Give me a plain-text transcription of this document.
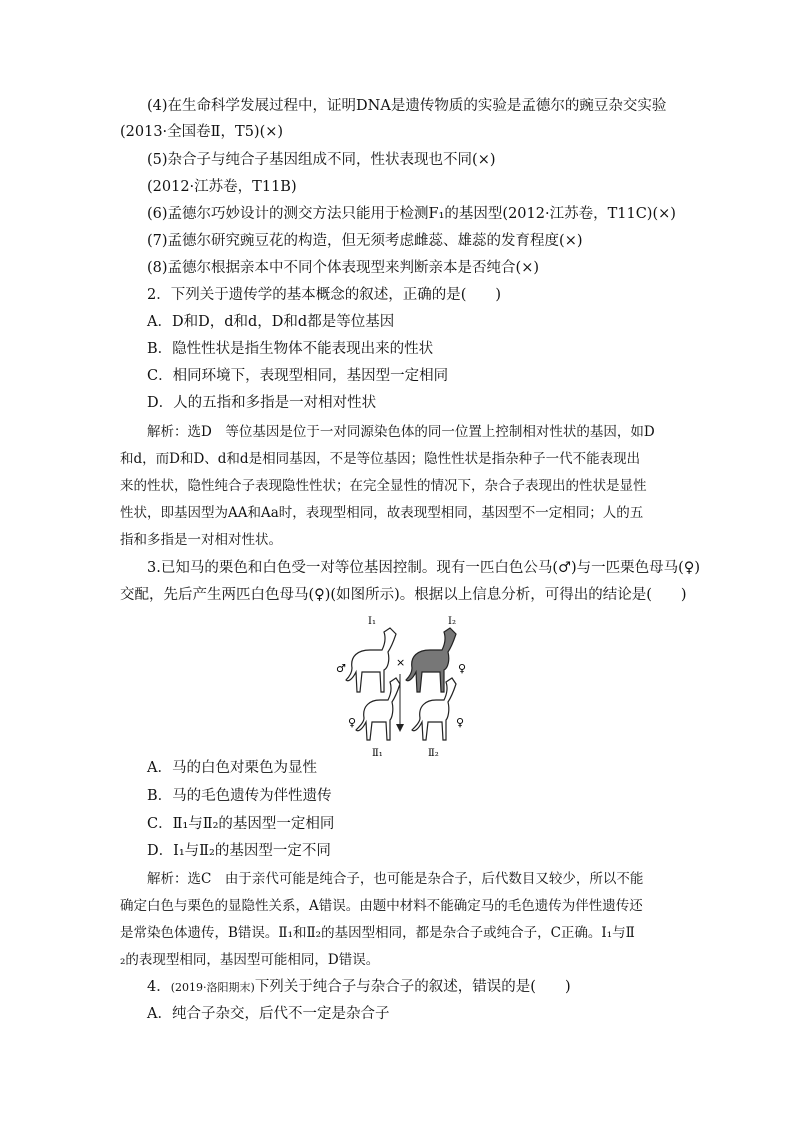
(4)在生命科学发展过程中，证明DNA是遗传物质的实验是孟德尔的豌豆杂交实验
(2013·全国卷Ⅱ，T5)(×)
(5)杂合子与纯合子基因组成不同，性状表现也不同(×)
(2012·江苏卷，T11B)
(6)孟德尔巧妙设计的测交方法只能用于检测F₁的基因型(2012·江苏卷，T11C)(×)
(7)孟德尔研究豌豆花的构造，但无须考虑雌蕊、雄蕊的发育程度(×)
(8)孟德尔根据亲本中不同个体表现型来判断亲本是否纯合(×)
2．下列关于遗传学的基本概念的叙述，正确的是(　　)
A．D和D，d和d，D和d都是等位基因
B．隐性性状是指生物体不能表现出来的性状
C．相同环境下，表现型相同，基因型一定相同
D．人的五指和多指是一对相对性状
解析：选D　等位基因是位于一对同源染色体的同一位置上控制相对性状的基因，如D
和d，而D和D、d和d是相同基因，不是等位基因；隐性性状是指杂种子一代不能表现出
来的性状，隐性纯合子表现隐性性状；在完全显性的情况下，杂合子表现出的性状是显性
性状，即基因型为AA和Aa时，表现型相同，故表现型相同，基因型不一定相同；人的五
指和多指是一对相对性状。
3.已知马的栗色和白色受一对等位基因控制。现有一匹白色公马(♂)与一匹栗色母马(♀)
交配，先后产生两匹白色母马(♀)(如图所示)。根据以上信息分析，可得出的结论是(　　)
Ⅰ₁	Ⅰ₂
♂	♀
×
♀	♀
Ⅱ₁	Ⅱ₂
A．马的白色对栗色为显性
B．马的毛色遗传为伴性遗传
C．Ⅱ₁与Ⅱ₂的基因型一定相同
D．Ⅰ₁与Ⅱ₂的基因型一定不同
解析：选C　由于亲代可能是纯合子，也可能是杂合子，后代数目又较少，所以不能
确定白色与栗色的显隐性关系，A错误。由题中材料不能确定马的毛色遗传为伴性遗传还
是常染色体遗传，B错误。Ⅱ₁和Ⅱ₂的基因型相同，都是杂合子或纯合子，C正确。Ⅰ₁与Ⅱ
₂的表现型相同，基因型可能相同，D错误。
4．(2019·洛阳期末)下列关于纯合子与杂合子的叙述，错误的是(　　)
A．纯合子杂交，后代不一定是杂合子
